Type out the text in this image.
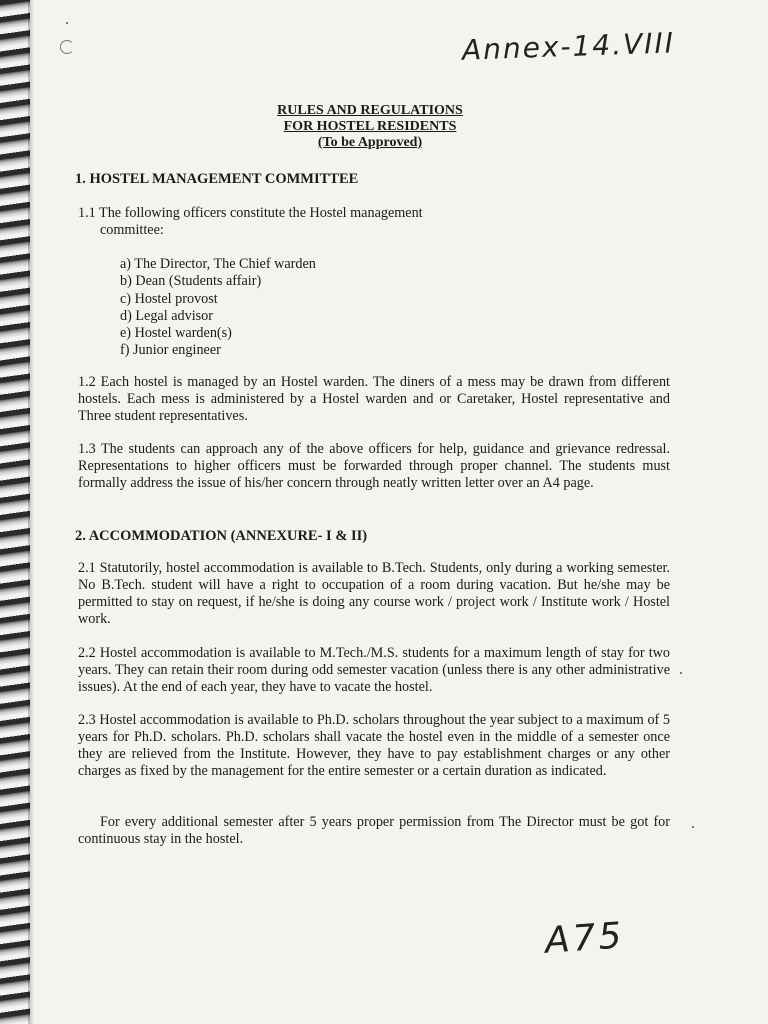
Annex-14.VIII
RULES AND REGULATIONS
FOR HOSTEL RESIDENTS
(To be Approved)
1. HOSTEL MANAGEMENT COMMITTEE
1.1 The following officers constitute the Hostel management
committee:
a) The Director, The Chief warden
b) Dean (Students affair)
c) Hostel provost
d) Legal advisor
e) Hostel warden(s)
f) Junior engineer
1.2 Each hostel is managed by an Hostel warden. The diners of a mess may be drawn from different hostels. Each mess is administered by a Hostel warden and or Caretaker, Hostel representative and Three student representatives.
1.3 The students can approach any of the above officers for help, guidance and grievance redressal. Representations to higher officers must be forwarded through proper channel. The students must formally address the issue of his/her concern through neatly written letter over an A4 page.
2. ACCOMMODATION (ANNEXURE- I & II)
2.1 Statutorily, hostel accommodation is available to B.Tech. Students, only during a working semester. No B.Tech. student will have a right to occupation of a room during vacation. But he/she may be permitted to stay on request, if he/she is doing any course work / project work / Institute work / Hostel work.
2.2 Hostel accommodation is available to M.Tech./M.S. students for a maximum length of stay for two years. They can retain their room during odd semester vacation (unless there is any other administrative issues). At the end of each year, they have to vacate the hostel.
2.3 Hostel accommodation is available to Ph.D. scholars throughout the year subject to a maximum of 5 years for Ph.D. scholars. Ph.D. scholars shall vacate the hostel even in the middle of a semester once they are relieved from the Institute. However, they have to pay establishment charges or any other charges as fixed by the management for the entire semester or a certain duration as indicated.
For every additional semester after 5 years proper permission from The Director must be got for continuous stay in the hostel.
A75
